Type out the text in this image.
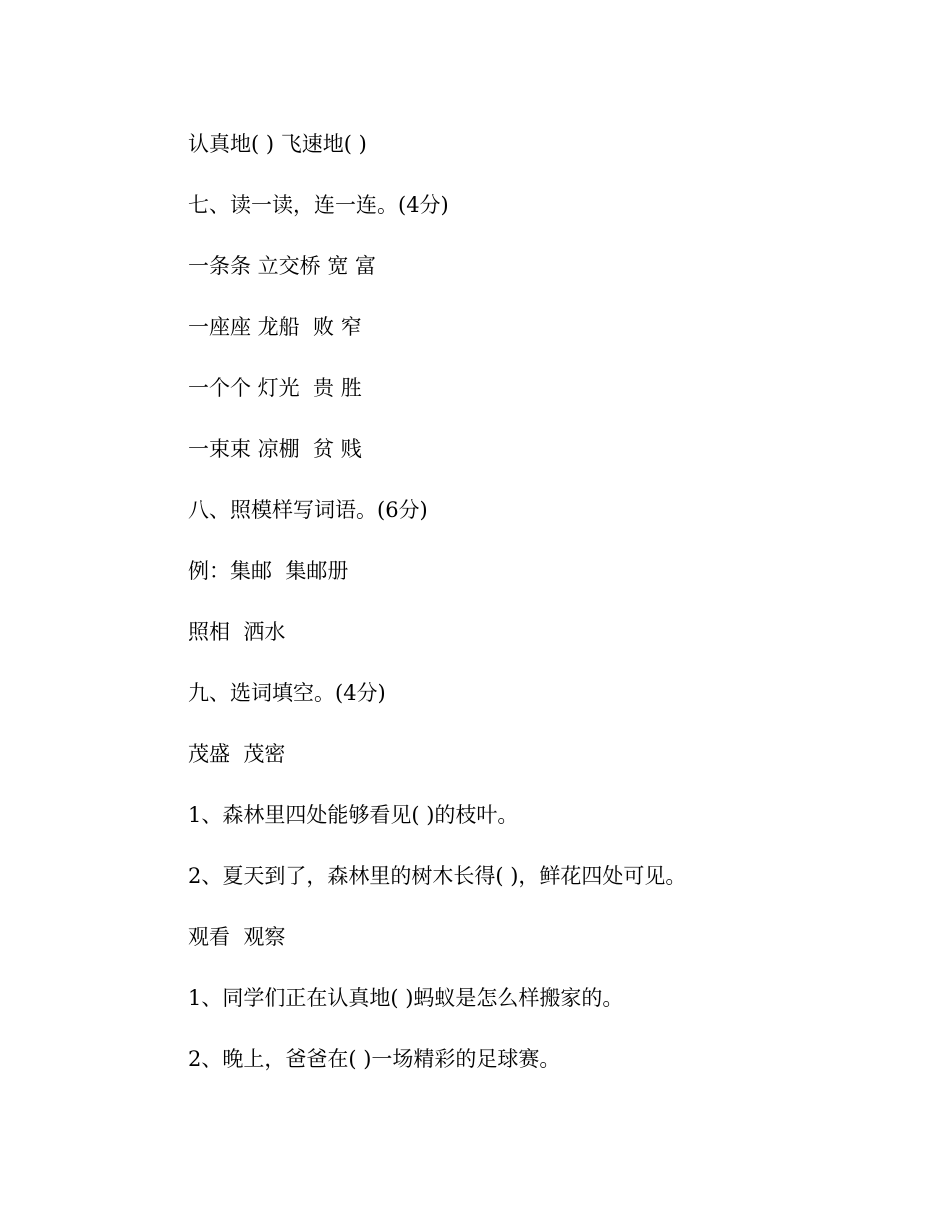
认真地( ) 飞速地( )
七、读一读，连一连。(4分)
一条条 立交桥 宽 富
一座座 龙船  败 窄
一个个 灯光  贵 胜
一束束 凉棚  贫 贱
八、照模样写词语。(6分)
例：集邮  集邮册
照相  洒水
九、选词填空。(4分)
茂盛  茂密
1、森林里四处能够看见( )的枝叶。
2、夏天到了，森林里的树木长得( )，鲜花四处可见。
观看  观察
1、同学们正在认真地( )蚂蚁是怎么样搬家的。
2、晚上，爸爸在( )一场精彩的足球赛。
